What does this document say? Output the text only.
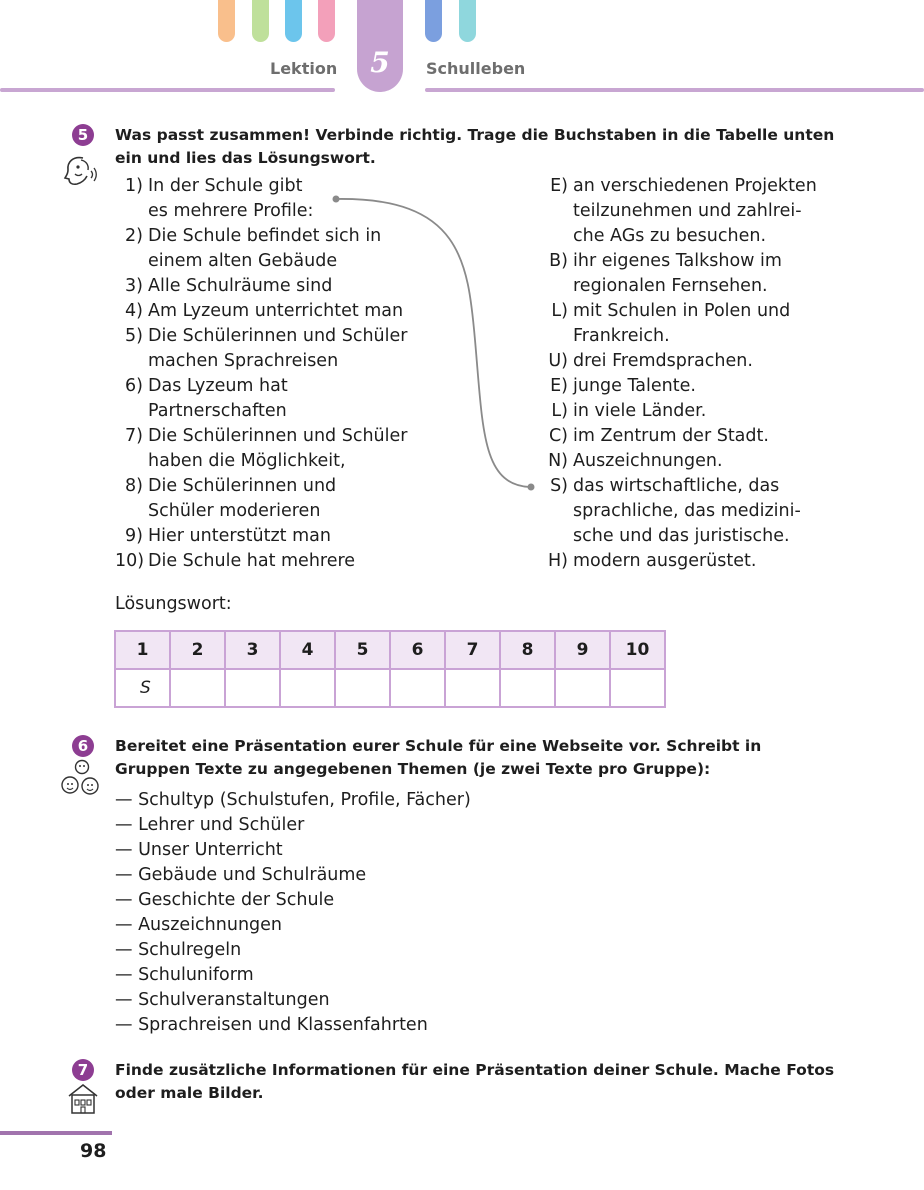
Lektion	5	Schulleben
5	Was passt zusammen! Verbinde richtig. Trage die Buchstaben in die Tabelle unten ein und lies das Lösungswort.
1) In der Schule gibt
es mehrere Profile:
2) Die Schule befindet sich in
einem alten Gebäude
3) Alle Schulräume sind
4) Am Lyzeum unterrichtet man
5) Die Schülerinnen und Schüler
machen Sprachreisen
6) Das Lyzeum hat
Partnerschaften
7) Die Schülerinnen und Schüler
haben die Möglichkeit,
8) Die Schülerinnen und
Schüler moderieren
9) Hier unterstützt man
10) Die Schule hat mehrere
E) an verschiedenen Projekten
teilzunehmen und zahlrei-
che AGs zu besuchen.
B) ihr eigenes Talkshow im
regionalen Fernsehen.
L) mit Schulen in Polen und
Frankreich.
U) drei Fremdsprachen.
E) junge Talente.
L) in viele Länder.
C) im Zentrum der Stadt.
N) Auszeichnungen.
S) das wirtschaftliche, das
sprachliche, das medizini-
sche und das juristische.
H) modern ausgerüstet.
Lösungswort:
1	2	3	4	5	6	7	8	9	10
S									
6	Bereitet eine Präsentation eurer Schule für eine Webseite vor. Schreibt in Gruppen Texte zu angegebenen Themen (je zwei Texte pro Gruppe):
— Schultyp (Schulstufen, Profile, Fächer)
— Lehrer und Schüler
— Unser Unterricht
— Gebäude und Schulräume
— Geschichte der Schule
— Auszeichnungen
— Schulregeln
— Schuluniform
— Schulveranstaltungen
— Sprachreisen und Klassenfahrten
7	Finde zusätzliche Informationen für eine Präsentation deiner Schule. Mache Fotos oder male Bilder.
98
